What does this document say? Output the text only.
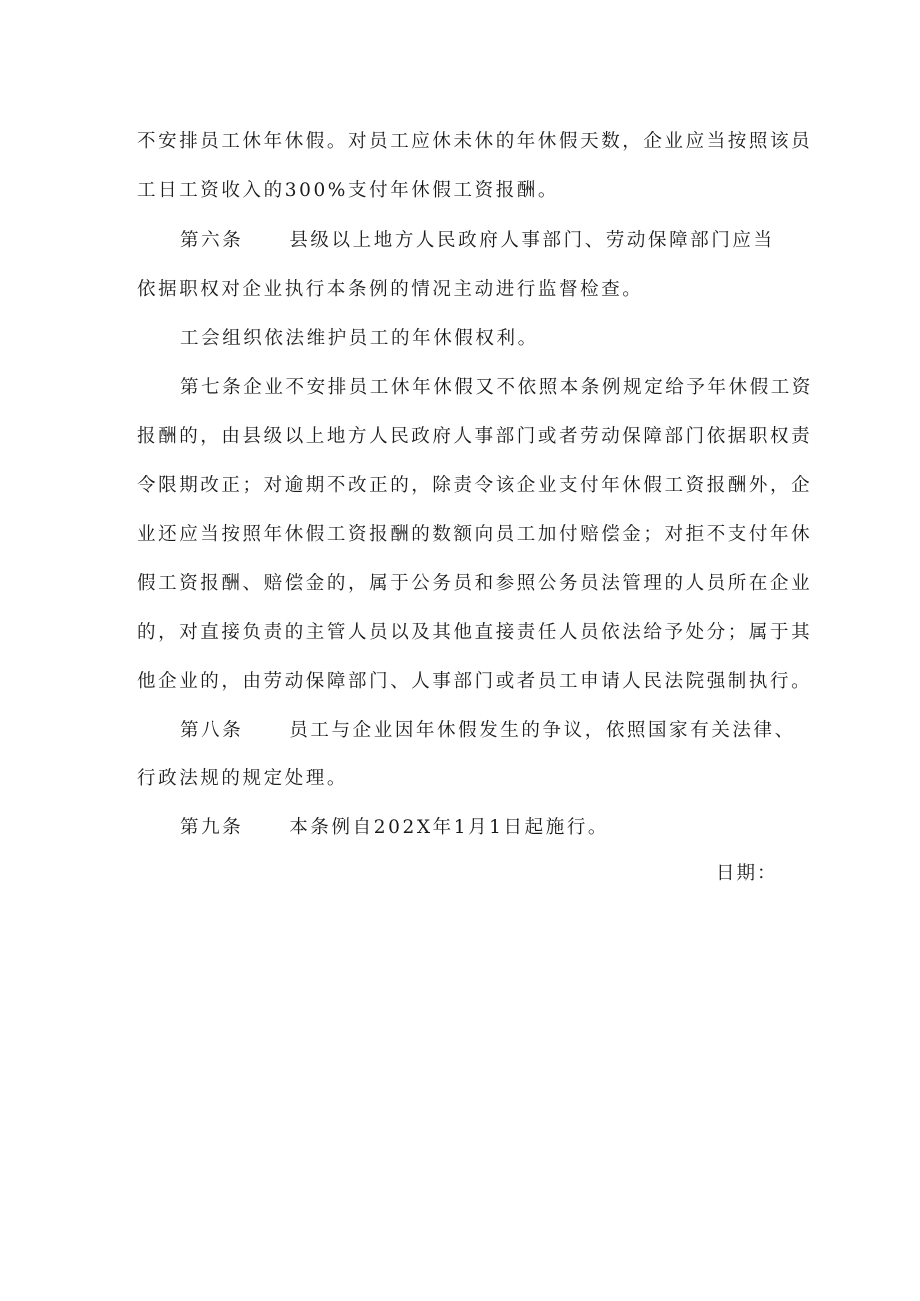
不安排员工休年休假。对员工应休未休的年休假天数，企业应当按照该员
工日工资收入的300%支付年休假工资报酬。
第六条 县级以上地方人民政府人事部门、劳动保障部门应当
依据职权对企业执行本条例的情况主动进行监督检查。
工会组织依法维护员工的年休假权利。
第七条企业不安排员工休年休假又不依照本条例规定给予年休假工资
报酬的，由县级以上地方人民政府人事部门或者劳动保障部门依据职权责
令限期改正；对逾期不改正的，除责令该企业支付年休假工资报酬外，企
业还应当按照年休假工资报酬的数额向员工加付赔偿金；对拒不支付年休
假工资报酬、赔偿金的，属于公务员和参照公务员法管理的人员所在企业
的，对直接负责的主管人员以及其他直接责任人员依法给予处分；属于其
他企业的，由劳动保障部门、人事部门或者员工申请人民法院强制执行。
第八条 员工与企业因年休假发生的争议，依照国家有关法律、
行政法规的规定处理。
第九条 本条例自202X年1月1日起施行。
日期：
